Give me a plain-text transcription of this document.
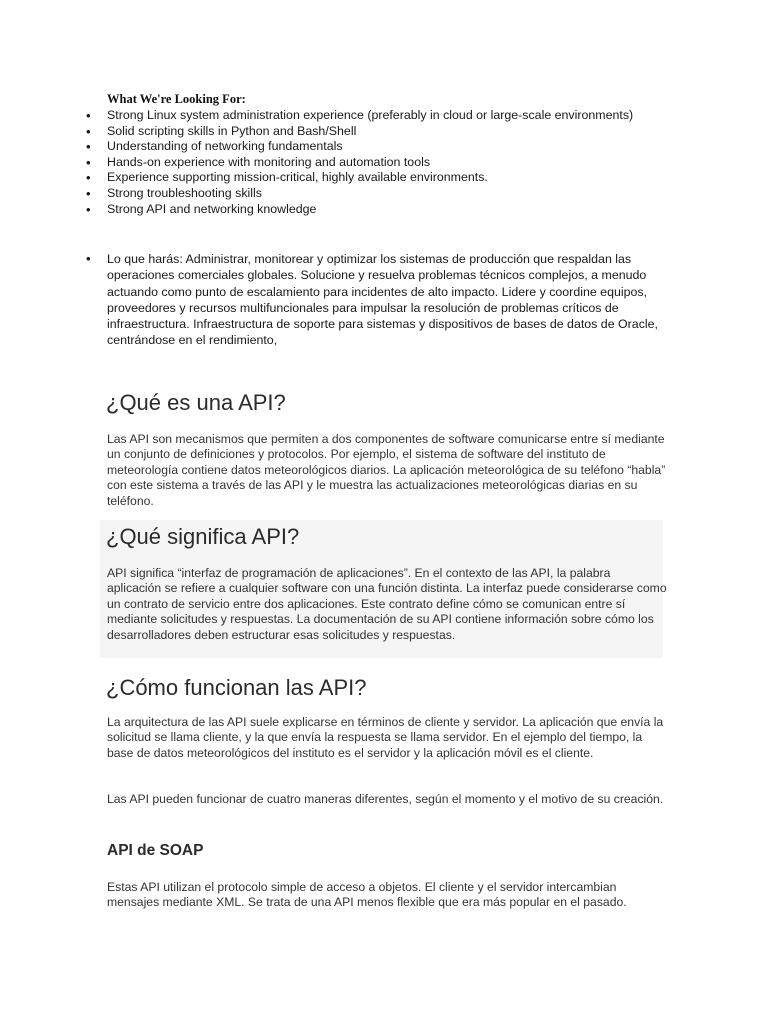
What We're Looking For:
• Strong Linux system administration experience (preferably in cloud or large-scale environments)
• Solid scripting skills in Python and Bash/Shell
• Understanding of networking fundamentals
• Hands-on experience with monitoring and automation tools
• Experience supporting mission-critical, highly available environments.
• Strong troubleshooting skills
• Strong API and networking knowledge
• Lo que harás: Administrar, monitorear y optimizar los sistemas de producción que respaldan las operaciones comerciales globales. Solucione y resuelva problemas técnicos complejos, a menudo actuando como punto de escalamiento para incidentes de alto impacto. Lidere y coordine equipos, proveedores y recursos multifuncionales para impulsar la resolución de problemas críticos de infraestructura. Infraestructura de soporte para sistemas y dispositivos de bases de datos de Oracle, centrándose en el rendimiento,
¿Qué es una API?

Las API son mecanismos que permiten a dos componentes de software comunicarse entre sí mediante un conjunto de definiciones y protocolos. Por ejemplo, el sistema de software del instituto de meteorología contiene datos meteorológicos diarios. La aplicación meteorológica de su teléfono “habla” con este sistema a través de las API y le muestra las actualizaciones meteorológicas diarias en su teléfono.

¿Qué significa API?

API significa “interfaz de programación de aplicaciones”. En el contexto de las API, la palabra aplicación se refiere a cualquier software con una función distinta. La interfaz puede considerarse como un contrato de servicio entre dos aplicaciones. Este contrato define cómo se comunican entre sí mediante solicitudes y respuestas. La documentación de su API contiene información sobre cómo los desarrolladores deben estructurar esas solicitudes y respuestas.

¿Cómo funcionan las API?

La arquitectura de las API suele explicarse en términos de cliente y servidor. La aplicación que envía la solicitud se llama cliente, y la que envía la respuesta se llama servidor. En el ejemplo del tiempo, la base de datos meteorológicos del instituto es el servidor y la aplicación móvil es el cliente.

Las API pueden funcionar de cuatro maneras diferentes, según el momento y el motivo de su creación.

API de SOAP

Estas API utilizan el protocolo simple de acceso a objetos. El cliente y el servidor intercambian mensajes mediante XML. Se trata de una API menos flexible que era más popular en el pasado.
